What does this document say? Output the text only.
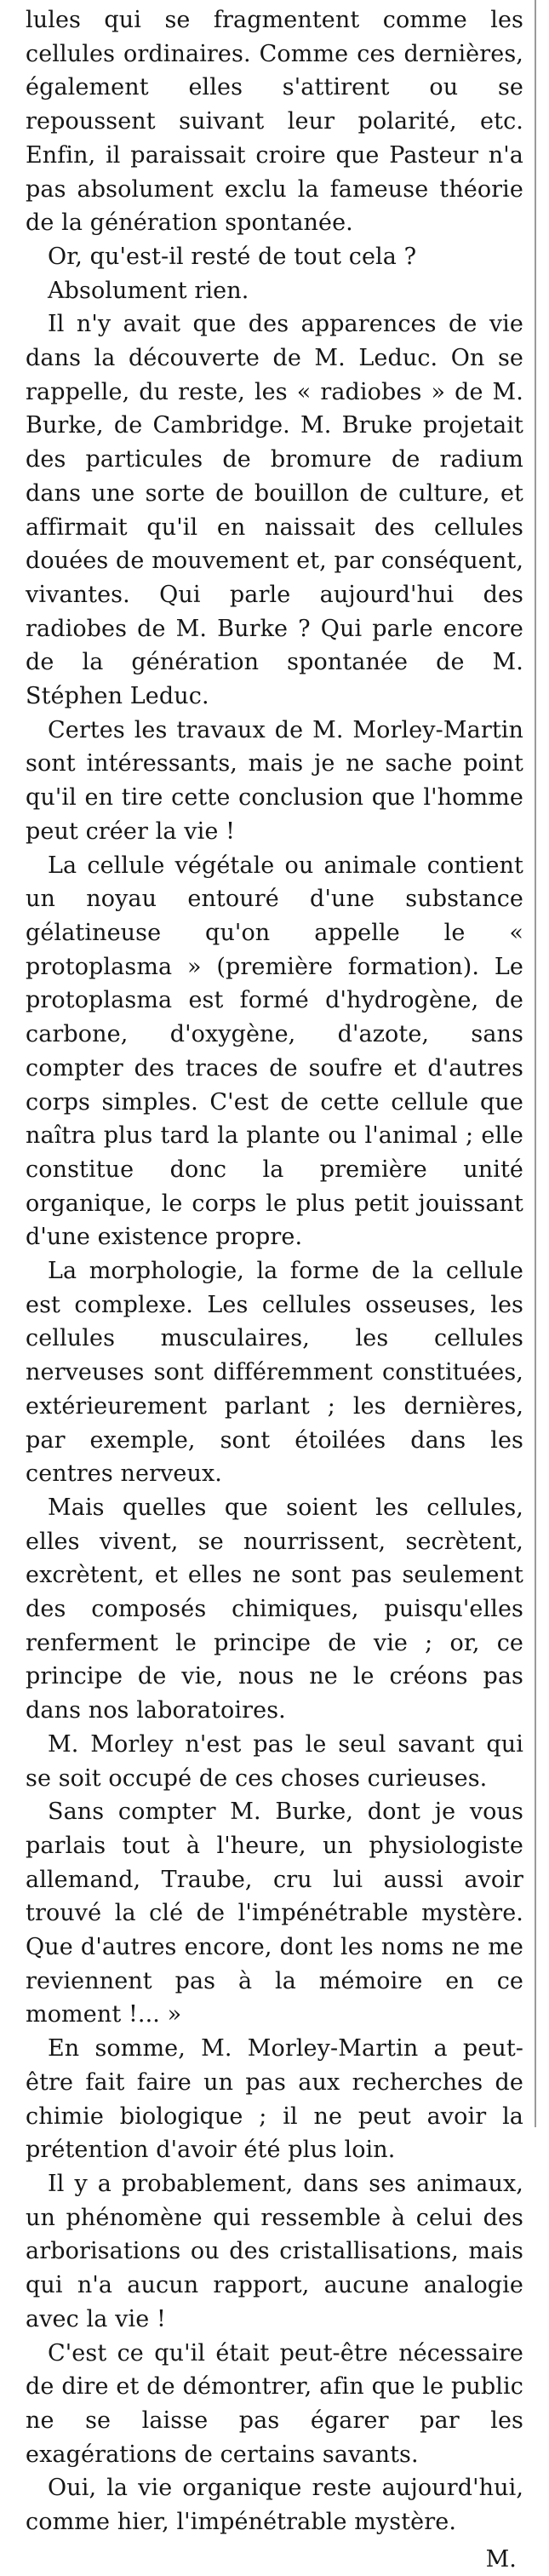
lules qui se fragmentent comme les cellules ordinaires. Comme ces dernières, également elles s'attirent ou se repoussent suivant leur polarité, etc. Enfin, il paraissait croire que Pasteur n'a pas absolument exclu la fameuse théorie de la génération spontanée.

Or, qu'est-il resté de tout cela ?

Absolument rien.

Il n'y avait que des apparences de vie dans la découverte de M. Leduc. On se rappelle, du reste, les « radiobes » de M. Burke, de Cambridge. M. Bruke projetait des particules de bromure de radium dans une sorte de bouillon de culture, et affirmait qu'il en naissait des cellules douées de mouvement et, par conséquent, vivantes. Qui parle aujourd'hui des radiobes de M. Burke ? Qui parle encore de la génération spontanée de M. Stéphen Leduc.

Certes les travaux de M. Morley-Martin sont intéressants, mais je ne sache point qu'il en tire cette conclusion que l'homme peut créer la vie !

La cellule végétale ou animale contient un noyau entouré d'une substance gélatineuse qu'on appelle le « protoplasma » (première formation). Le protoplasma est formé d'hydrogène, de carbone, d'oxygène, d'azote, sans compter des traces de soufre et d'autres corps simples. C'est de cette cellule que naîtra plus tard la plante ou l'animal ; elle constitue donc la première unité organique, le corps le plus petit jouissant d'une existence propre.

La morphologie, la forme de la cellule est complexe. Les cellules osseuses, les cellules musculaires, les cellules nerveuses sont différemment constituées, extérieurement parlant ; les dernières, par exemple, sont étoilées dans les centres nerveux.

Mais quelles que soient les cellules, elles vivent, se nourrissent, secrètent, excrètent, et elles ne sont pas seulement des composés chimiques, puisqu'elles renferment le principe de vie ; or, ce principe de vie, nous ne le créons pas dans nos laboratoires.

M. Morley n'est pas le seul savant qui se soit occupé de ces choses curieuses.

Sans compter M. Burke, dont je vous parlais tout à l'heure, un physiologiste allemand, Traube, cru lui aussi avoir trouvé la clé de l'impénétrable mystère. Que d'autres encore, dont les noms ne me reviennent pas à la mémoire en ce moment !... »

En somme, M. Morley-Martin a peut-être fait faire un pas aux recherches de chimie biologique ; il ne peut avoir la prétention d'avoir été plus loin.

Il y a probablement, dans ses animaux, un phénomène qui ressemble à celui des arborisations ou des cristallisations, mais qui n'a aucun rapport, aucune analogie avec la vie !

C'est ce qu'il était peut-être nécessaire de dire et de démontrer, afin que le public ne se laisse pas égarer par les exagérations de certains savants.

Oui, la vie organique reste aujourd'hui, comme hier, l'impénétrable mystère.

M.
